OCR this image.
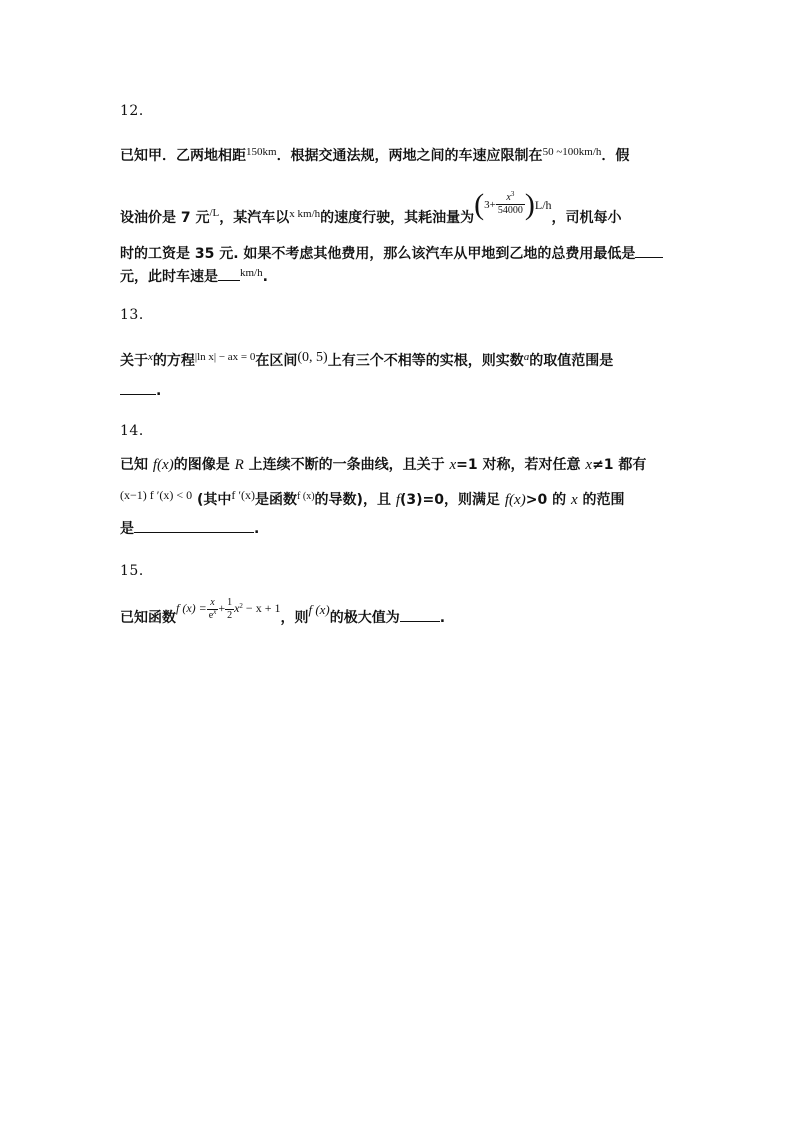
12．
已知甲．乙两地相距$^{150km}$．根据交通法规，两地之间的车速应限制在$^{50 \sim 100km/h}$．假
设油价是 7 元$^{/L}$，某汽车以$^{x km/h}$的速度行驶，其耗油量为$(3+ \frac{x^3}{54000} )L/h$，司机每小
时的工资是 35 元. 如果不考虑其他费用，那么该汽车从甲地到乙地的总费用最低是
元，此时车速是 $^{km/h}$.
13．
关于$^x$的方程$^{|ln x| - ax = 0}$在区间(0, 5)上有三个不相等的实根，则实数$^a$的取值范围是
.
14．
已知 f(x)的图像是 R 上连续不断的一条曲线，且关于 x=1 对称，若对任意 x≠1 都有
(x−1) f ′(x) < 0 (其中f ′(x)是函数$^{f (x)}$的导数)，且 f(3)=0，则满足 f(x)>0 的 x 的范围
是	.
15．
已知函数f $(x) = \frac{x}{e^x} + \frac{1}{2} x^2 - x + 1$，则f (x)的极大值为	.
